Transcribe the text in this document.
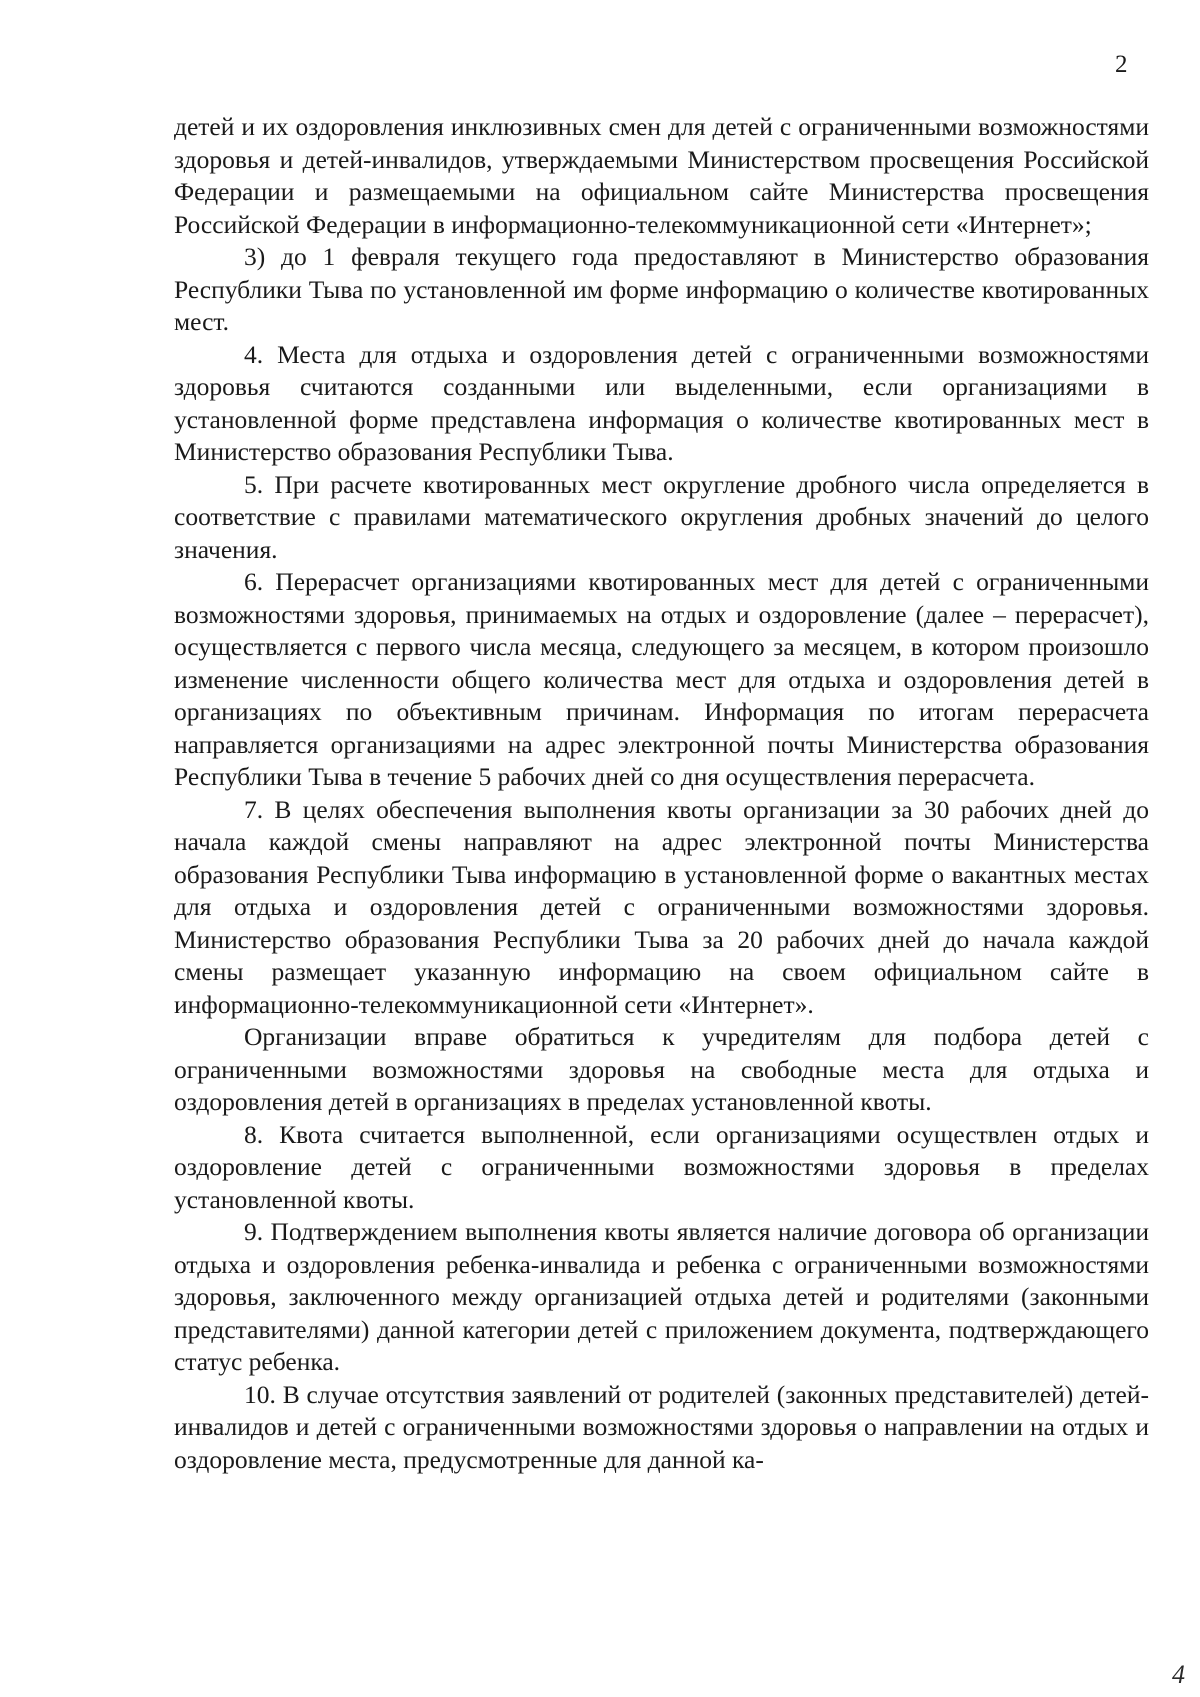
2

детей и их оздоровления инклюзивных смен для детей с ограниченными возможностями здоровья и детей-инвалидов, утверждаемыми Министерством просвещения Российской Федерации и размещаемыми на официальном сайте Министерства просвещения Российской Федерации в информационно-телекоммуникационной сети «Интернет»;

3) до 1 февраля текущего года предоставляют в Министерство образования Республики Тыва по установленной им форме информацию о количестве квотированных мест.

4. Места для отдыха и оздоровления детей с ограниченными возможностями здоровья считаются созданными или выделенными, если организациями в установленной форме представлена информация о количестве квотированных мест в Министерство образования Республики Тыва.

5. При расчете квотированных мест округление дробного числа определяется в соответствие с правилами математического округления дробных значений до целого значения.

6. Перерасчет организациями квотированных мест для детей с ограниченными возможностями здоровья, принимаемых на отдых и оздоровление (далее – перерасчет), осуществляется с первого числа месяца, следующего за месяцем, в котором произошло изменение численности общего количества мест для отдыха и оздоровления детей в организациях по объективным причинам. Информация по итогам перерасчета направляется организациями на адрес электронной почты Министерства образования Республики Тыва в течение 5 рабочих дней со дня осуществления перерасчета.

7. В целях обеспечения выполнения квоты организации за 30 рабочих дней до начала каждой смены направляют на адрес электронной почты Министерства образования Республики Тыва информацию в установленной форме о вакантных местах для отдыха и оздоровления детей с ограниченными возможностями здоровья. Министерство образования Республики Тыва за 20 рабочих дней до начала каждой смены размещает указанную информацию на своем официальном сайте в информационно-телекоммуникационной сети «Интернет».

Организации вправе обратиться к учредителям для подбора детей с ограниченными возможностями здоровья на свободные места для отдыха и оздоровления детей в организациях в пределах установленной квоты.

8. Квота считается выполненной, если организациями осуществлен отдых и оздоровление детей с ограниченными возможностями здоровья в пределах установленной квоты.

9. Подтверждением выполнения квоты является наличие договора об организации отдыха и оздоровления ребенка-инвалида и ребенка с ограниченными возможностями здоровья, заключенного между организацией отдыха детей и родителями (законными представителями) данной категории детей с приложением документа, подтверждающего статус ребенка.

10. В случае отсутствия заявлений от родителей (законных представителей) детей-инвалидов и детей с ограниченными возможностями здоровья о направлении на отдых и оздоровление места, предусмотренные для данной ка-

4
